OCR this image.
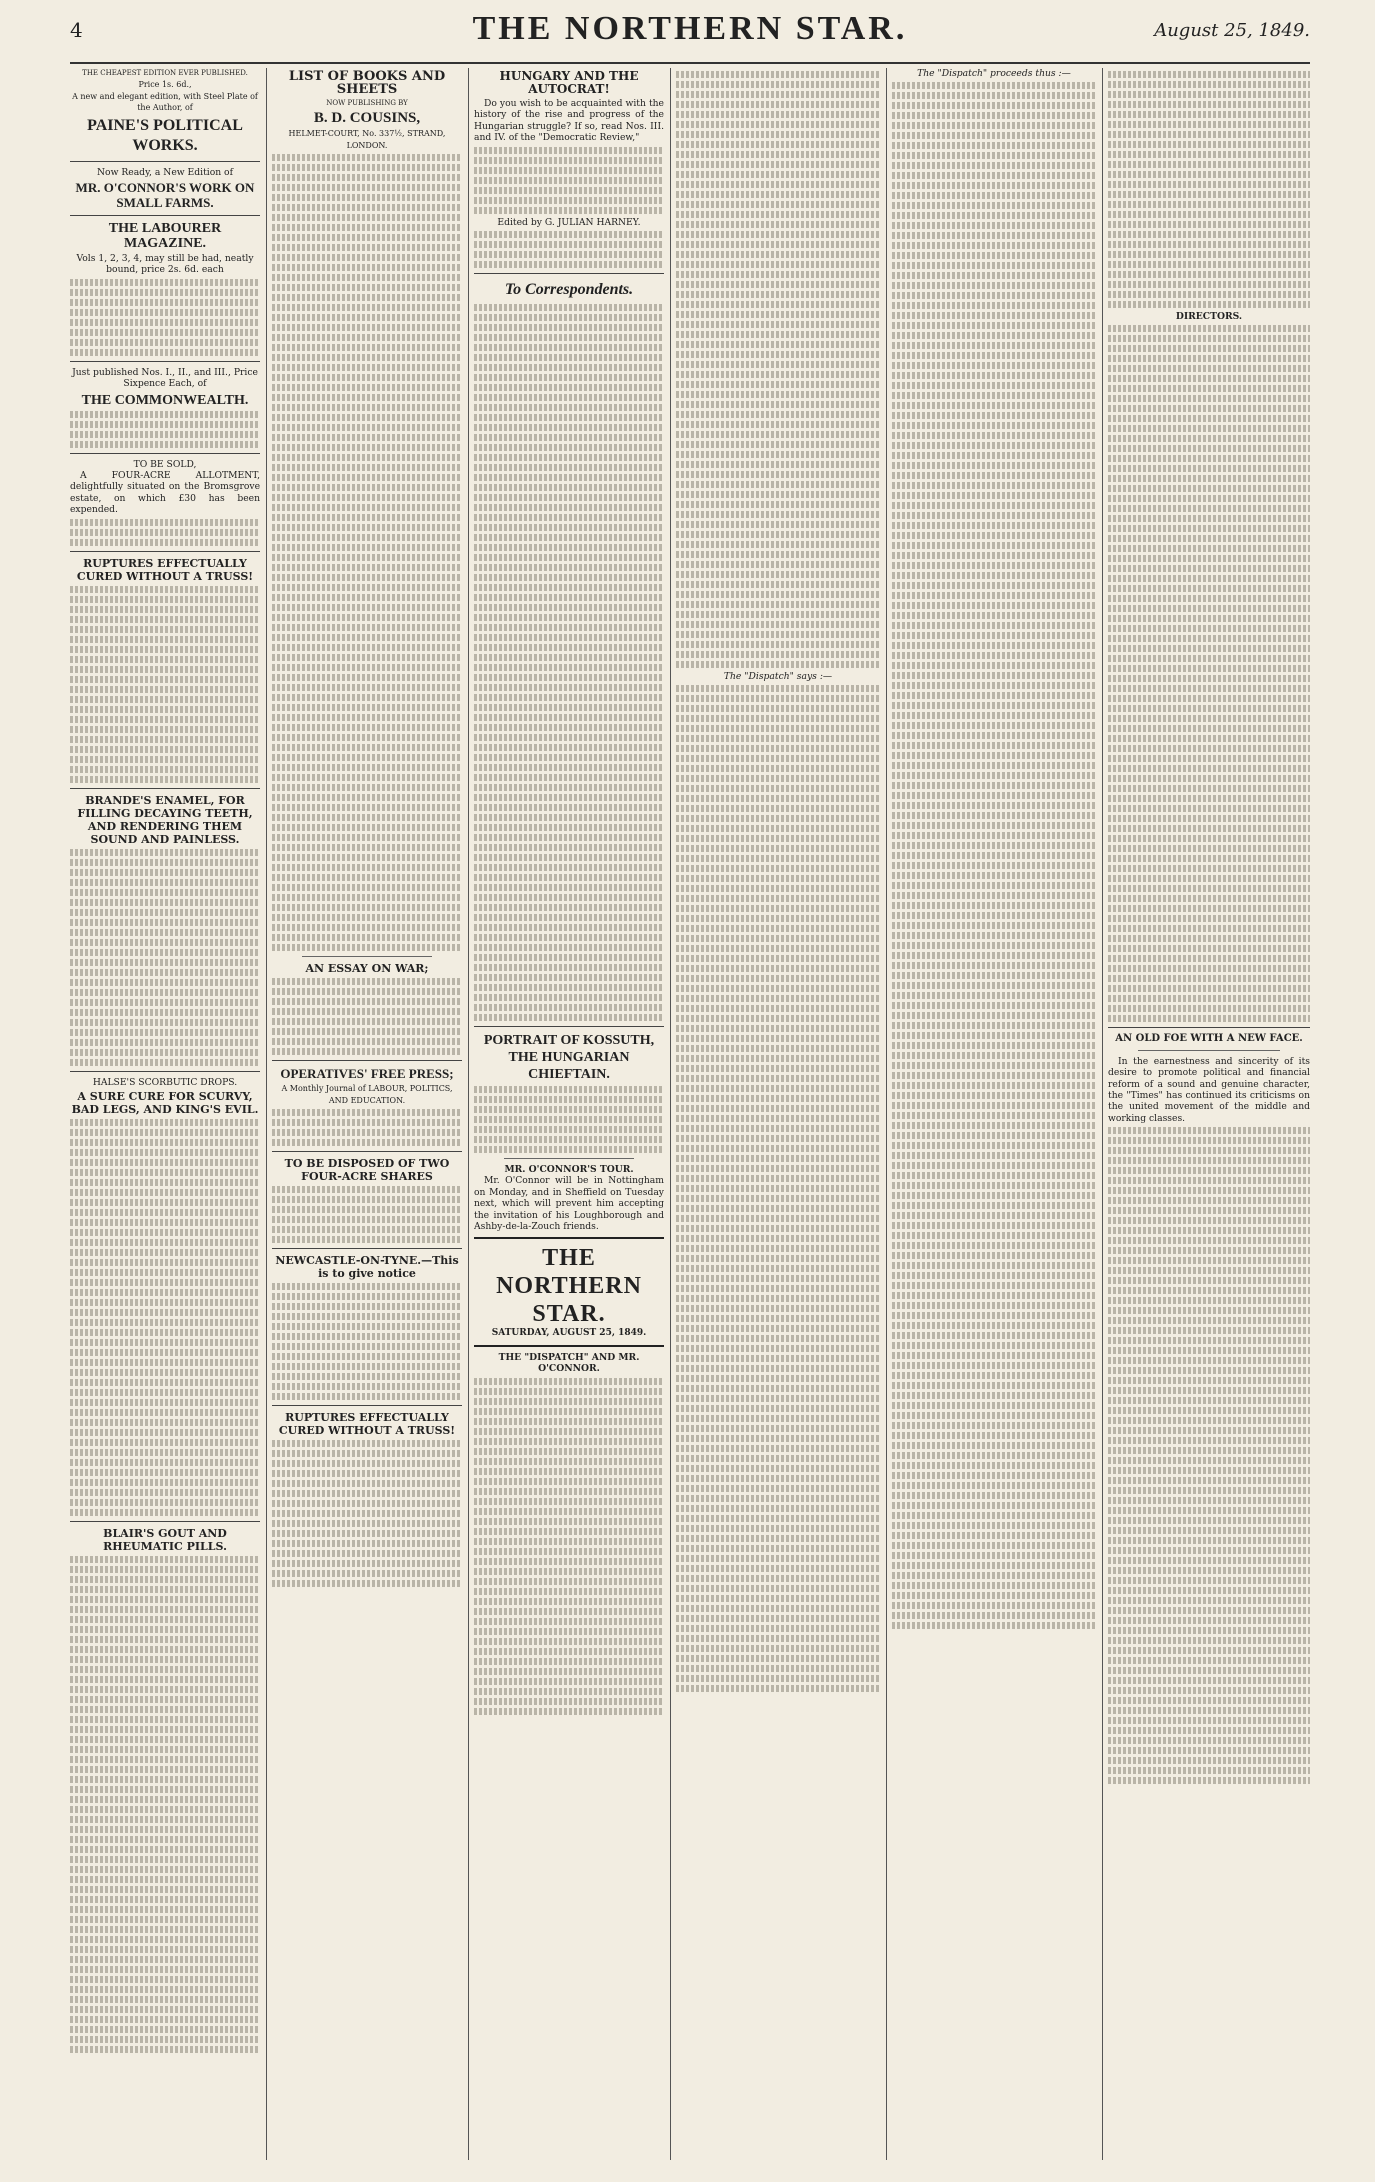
4	THE NORTHERN STAR.	August 25, 1849.
THE CHEAPEST EDITION EVER PUBLISHED.
Price 1s. 6d.,
A new and elegant edition, with Steel Plate of the Author, of
PAINE'S POLITICAL WORKS.
Now Ready, a New Edition of
MR. O'CONNOR'S WORK ON SMALL FARMS.
THE LABOURER MAGAZINE.

Vols 1, 2, 3, 4, may still be had, neatly bound, price 2s. 6d. each

Just published Nos. I., II., and III., Price Sixpence Each, of

THE COMMONWEALTH.
TO BE SOLD,

A FOUR-ACRE ALLOTMENT, delightfully situated on the Bromsgrove estate, on which £30 has been expended.

RUPTURES EFFECTUALLY CURED WITHOUT A TRUSS!
BRANDE'S ENAMEL, FOR FILLING DECAYING TEETH, AND RENDERING THEM SOUND AND PAINLESS.
HALSE'S SCORBUTIC DROPS.
A SURE CURE FOR SCURVY, BAD LEGS, AND KING'S EVIL.
BLAIR'S GOUT AND RHEUMATIC PILLS.
LIST OF BOOKS AND SHEETS
NOW PUBLISHING BY
B. D. COUSINS,
HELMET-COURT, No. 337½, STRAND, LONDON.
AN ESSAY ON WAR;
OPERATIVES' FREE PRESS;
A Monthly Journal of LABOUR, POLITICS, AND EDUCATION.
TO BE DISPOSED OF TWO FOUR-ACRE SHARES
NEWCASTLE-ON-TYNE.—This is to give notice
RUPTURES EFFECTUALLY CURED WITHOUT A TRUSS!
HUNGARY AND THE AUTOCRAT!

Do you wish to be acquainted with the history of the rise and progress of the Hungarian struggle? If so, read Nos. III. and IV. of the "Democratic Review,"

Edited by G. JULIAN HARNEY.
To Correspondents.
PORTRAIT OF KOSSUTH, THE HUNGARIAN CHIEFTAIN.
MR. O'CONNOR'S TOUR.

Mr. O'Connor will be in Nottingham on Monday, and in Sheffield on Tuesday next, which will prevent him accepting the invitation of his Loughborough and Ashby-de-la-Zouch friends.

THE NORTHERN STAR.
SATURDAY, AUGUST 25, 1849.
THE "DISPATCH" AND MR. O'CONNOR.
The "Dispatch" says :—
The "Dispatch" proceeds thus :—
DIRECTORS.
AN OLD FOE WITH A NEW FACE.

In the earnestness and sincerity of its desire to promote political and financial reform of a sound and genuine character, the "Times" has continued its criticisms on the united movement of the middle and working classes.
